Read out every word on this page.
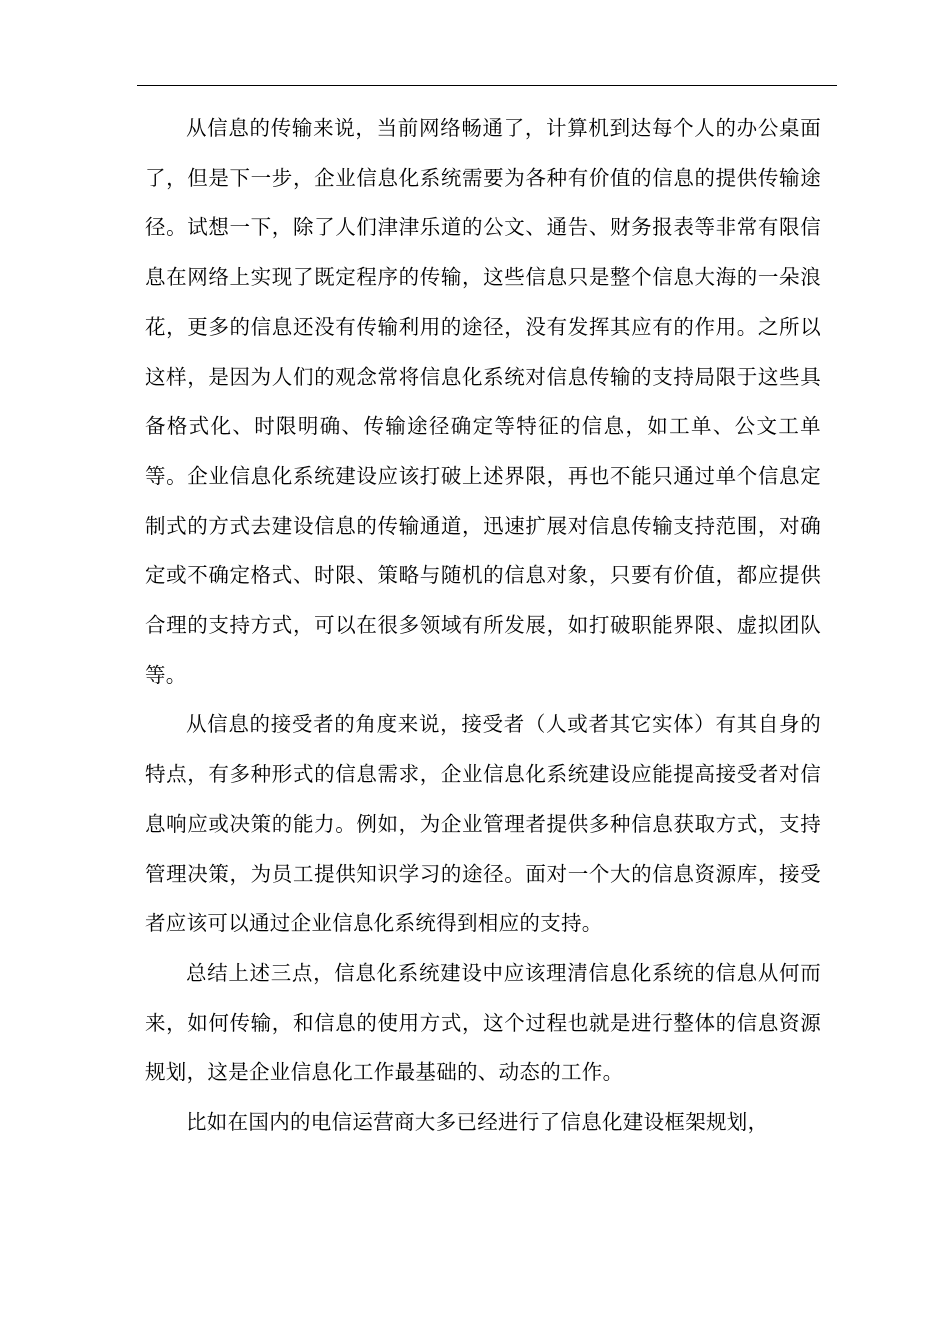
从信息的传输来说，当前网络畅通了，计算机到达每个人的办公桌面了，但是下一步，企业信息化系统需要为各种有价值的信息的提供传输途径。试想一下，除了人们津津乐道的公文、通告、财务报表等非常有限信息在网络上实现了既定程序的传输，这些信息只是整个信息大海的一朵浪花，更多的信息还没有传输利用的途径，没有发挥其应有的作用。之所以这样，是因为人们的观念常将信息化系统对信息传输的支持局限于这些具备格式化、时限明确、传输途径确定等特征的信息，如工单、公文工单等。企业信息化系统建设应该打破上述界限，再也不能只通过单个信息定制式的方式去建设信息的传输通道，迅速扩展对信息传输支持范围，对确定或不确定格式、时限、策略与随机的信息对象，只要有价值，都应提供合理的支持方式，可以在很多领域有所发展，如打破职能界限、虚拟团队等。

从信息的接受者的角度来说，接受者（人或者其它实体）有其自身的特点，有多种形式的信息需求，企业信息化系统建设应能提高接受者对信息响应或决策的能力。例如，为企业管理者提供多种信息获取方式，支持管理决策，为员工提供知识学习的途径。面对一个大的信息资源库，接受者应该可以通过企业信息化系统得到相应的支持。

总结上述三点，信息化系统建设中应该理清信息化系统的信息从何而来，如何传输，和信息的使用方式，这个过程也就是进行整体的信息资源规划，这是企业信息化工作最基础的、动态的工作。

比如在国内的电信运营商大多已经进行了信息化建设框架规划，
